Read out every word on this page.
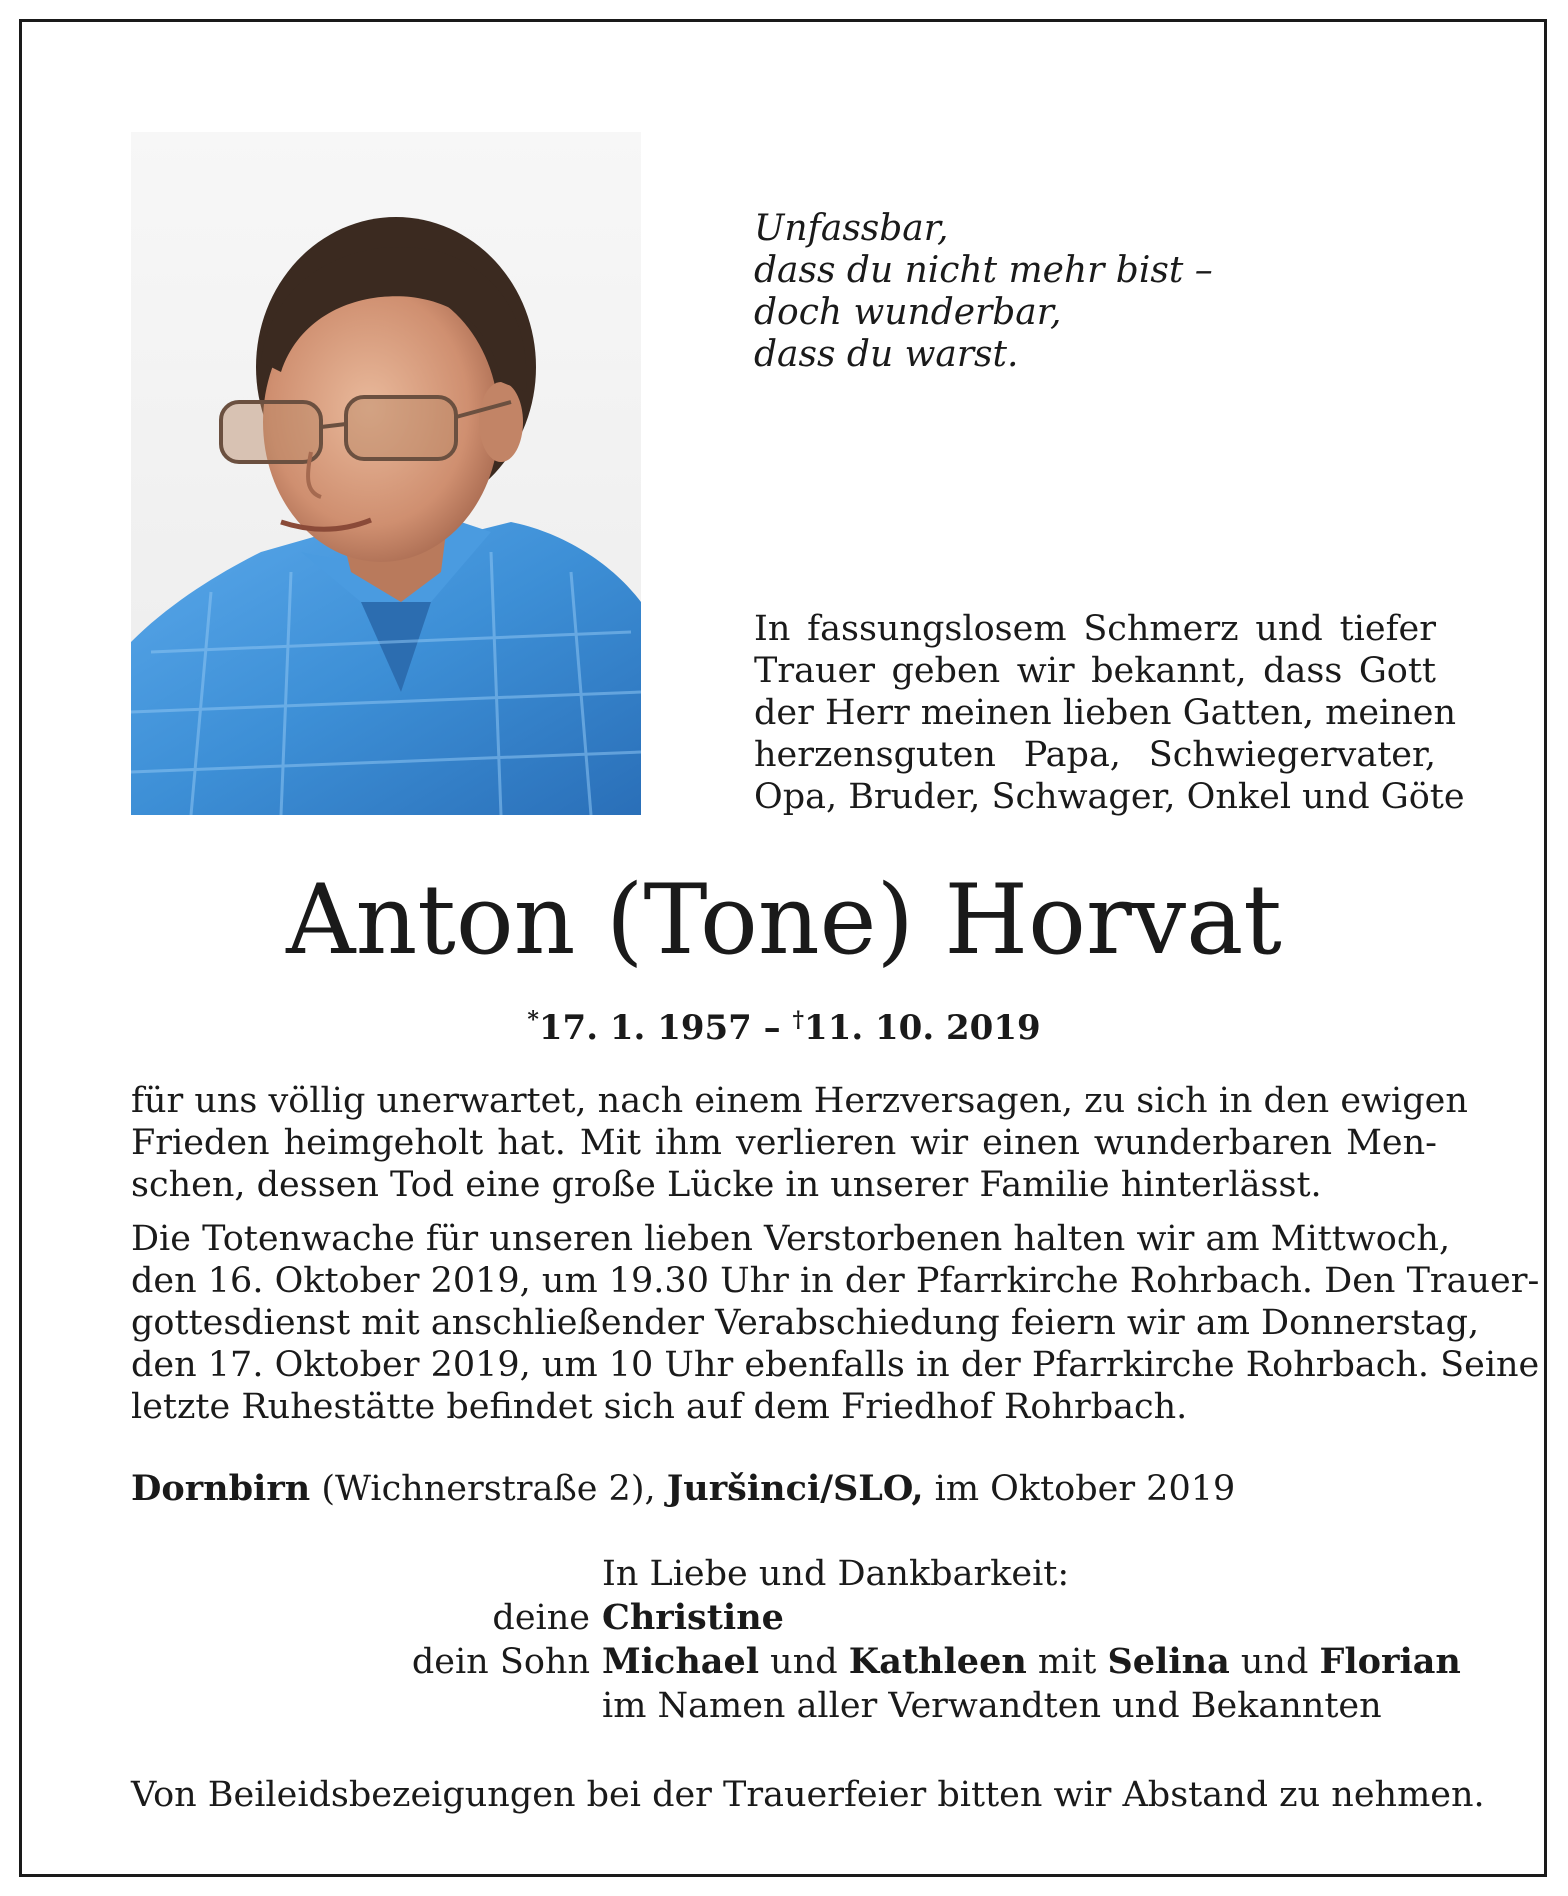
Unfassbar,
dass du nicht mehr bist –
doch wunderbar,
dass du warst.
In fassungslosem Schmerz und tiefer
Trauer geben wir bekannt, dass Gott
der Herr meinen lieben Gatten, meinen
herzensguten Papa, Schwiegervater,
Opa, Bruder, Schwager, Onkel und Göte
Anton (Tone) Horvat
*17. 1. 1957 – †11. 10. 2019
für uns völlig unerwartet, nach einem Herzversagen, zu sich in den ewigen
Frieden heimgeholt hat. Mit ihm verlieren wir einen wunderbaren Men-
schen, dessen Tod eine große Lücke in unserer Familie hinterlässt.
Die Totenwache für unseren lieben Verstorbenen halten wir am Mittwoch,
den 16. Oktober 2019, um 19.30 Uhr in der Pfarrkirche Rohrbach. Den Trauer-
gottesdienst mit anschließender Verabschiedung feiern wir am Donnerstag,
den 17. Oktober 2019, um 10 Uhr ebenfalls in der Pfarrkirche Rohrbach. Seine
letzte Ruhestätte befindet sich auf dem Friedhof Rohrbach.
Dornbirn (Wichnerstraße 2), Juršinci/SLO, im Oktober 2019
In Liebe und Dankbarkeit:
deine Christine
dein Sohn Michael und Kathleen mit Selina und Florian
im Namen aller Verwandten und Bekannten
Von Beileidsbezeigungen bei der Trauerfeier bitten wir Abstand zu nehmen.
